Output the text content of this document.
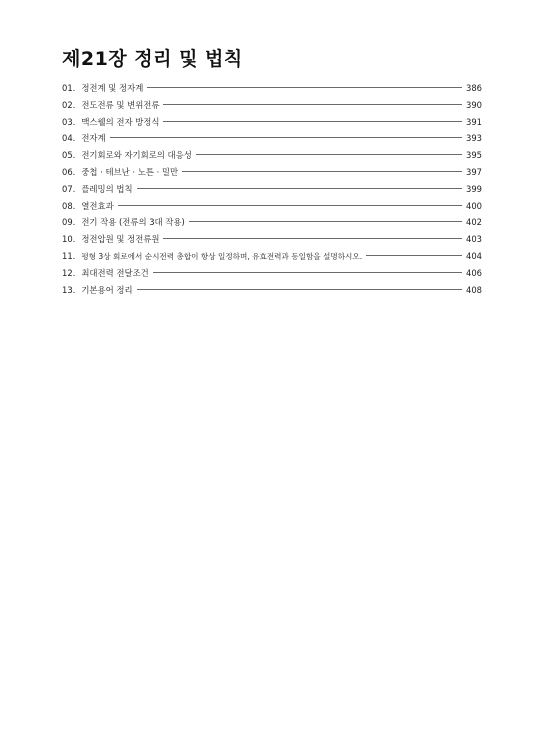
제21장 정리 및 법칙
01. 정전계 및 정자계	386
02. 전도전류 및 변위전류	390
03. 맥스웰의 전자 방정식	391
04. 전자계	393
05. 전기회로와 자기회로의 대응성	395
06. 중첩 · 테브난 · 노튼 · 밀만	397
07. 플레밍의 법칙	399
08. 열전효과	400
09. 전기 작용 (전류의 3대 작용)	402
10. 정전압원 및 정전류원	403
11. 평형 3상 회로에서 순시전력 총합이 항상 일정하며, 유효전력과 동일함을 설명하시오.	404
12. 최대전력 전달조건	406
13. 기본용어 정리	408
